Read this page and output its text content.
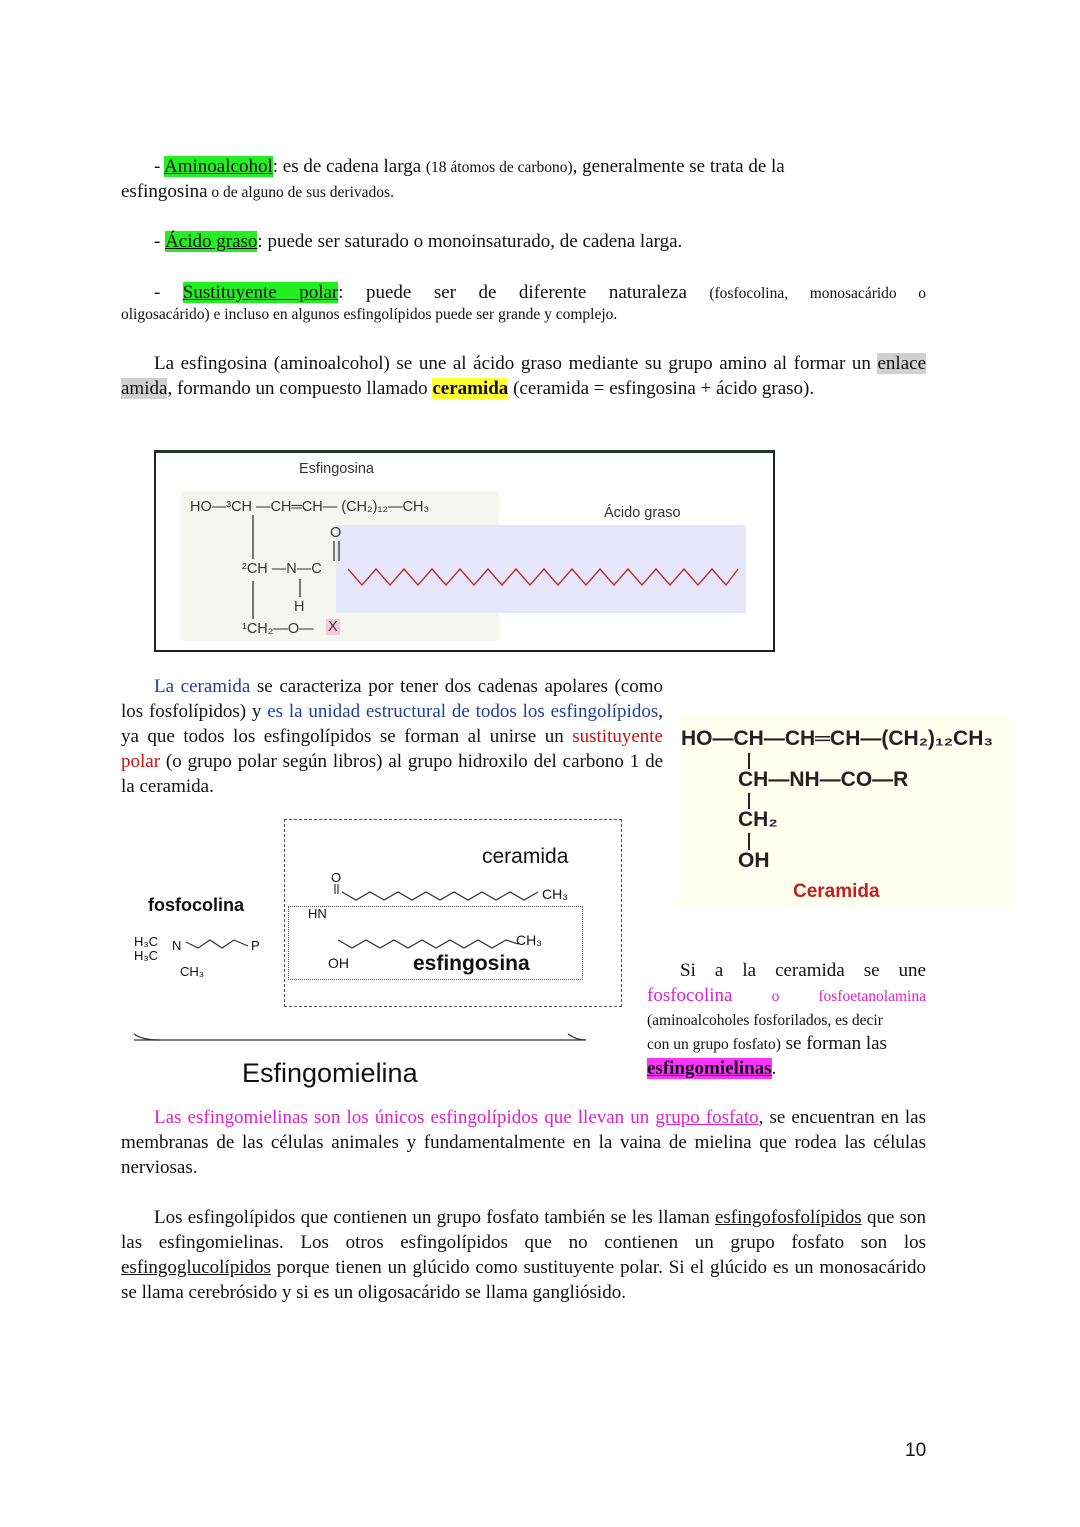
- Aminoalcohol: es de cadena larga (18 átomos de carbono), generalmente se trata de la
esfingosina o de alguno de sus derivados.
- Ácido graso: puede ser saturado o monoinsaturado, de cadena larga.
- Sustituyente polar: puede ser de diferente naturaleza (fosfocolina, monosacárido o
oligosacárido) e incluso en algunos esfingolípidos puede ser grande y complejo.
La esfingosina (aminoalcohol) se une al ácido graso mediante su grupo amino al formar un enlace amida, formando un compuesto llamado ceramida (ceramida = esfingosina + ácido graso).
Esfingosina
Ácido graso
HO—³CH —CH═CH— (CH₂)₁₂—CH₃
O
²CH —N—C
H
¹CH₂—O— X
La ceramida se caracteriza por tener dos cadenas apolares (como los fosfolípidos) y es la unidad estructural de todos los esfingolípidos, ya que todos los esfingolípidos se forman al unirse un sustituyente polar (o grupo polar según libros) al grupo hidroxilo del carbono 1 de la ceramida.
HO—CH—CH═CH—(CH₂)₁₂CH₃
CH—NH—CO—R
CH₂
OH
Ceramida
ceramida
fosfocolina
esfingosina
CH₃
CH₃
HN
OH
O
H₃C
H₃C
N
CH₃
P
Esfingomielina
Si a la ceramida se une
fosfocolina	o	fosfoetanolamina
(aminoalcoholes fosforilados, es decir
con un grupo fosfato) se forman las
esfingomielinas.
Las esfingomielinas son los únicos esfingolípidos que llevan un grupo fosfato, se encuentran en las membranas de las células animales y fundamentalmente en la vaina de mielina que rodea las células nerviosas.
Los esfingolípidos que contienen un grupo fosfato también se les llaman esfingofosfolípidos que son las esfingomielinas. Los otros esfingolípidos que no contienen un grupo fosfato son los esfingoglucolípidos porque tienen un glúcido como sustituyente polar. Si el glúcido es un monosacárido se llama cerebrósido y si es un oligosacárido se llama gangliósido.
10
